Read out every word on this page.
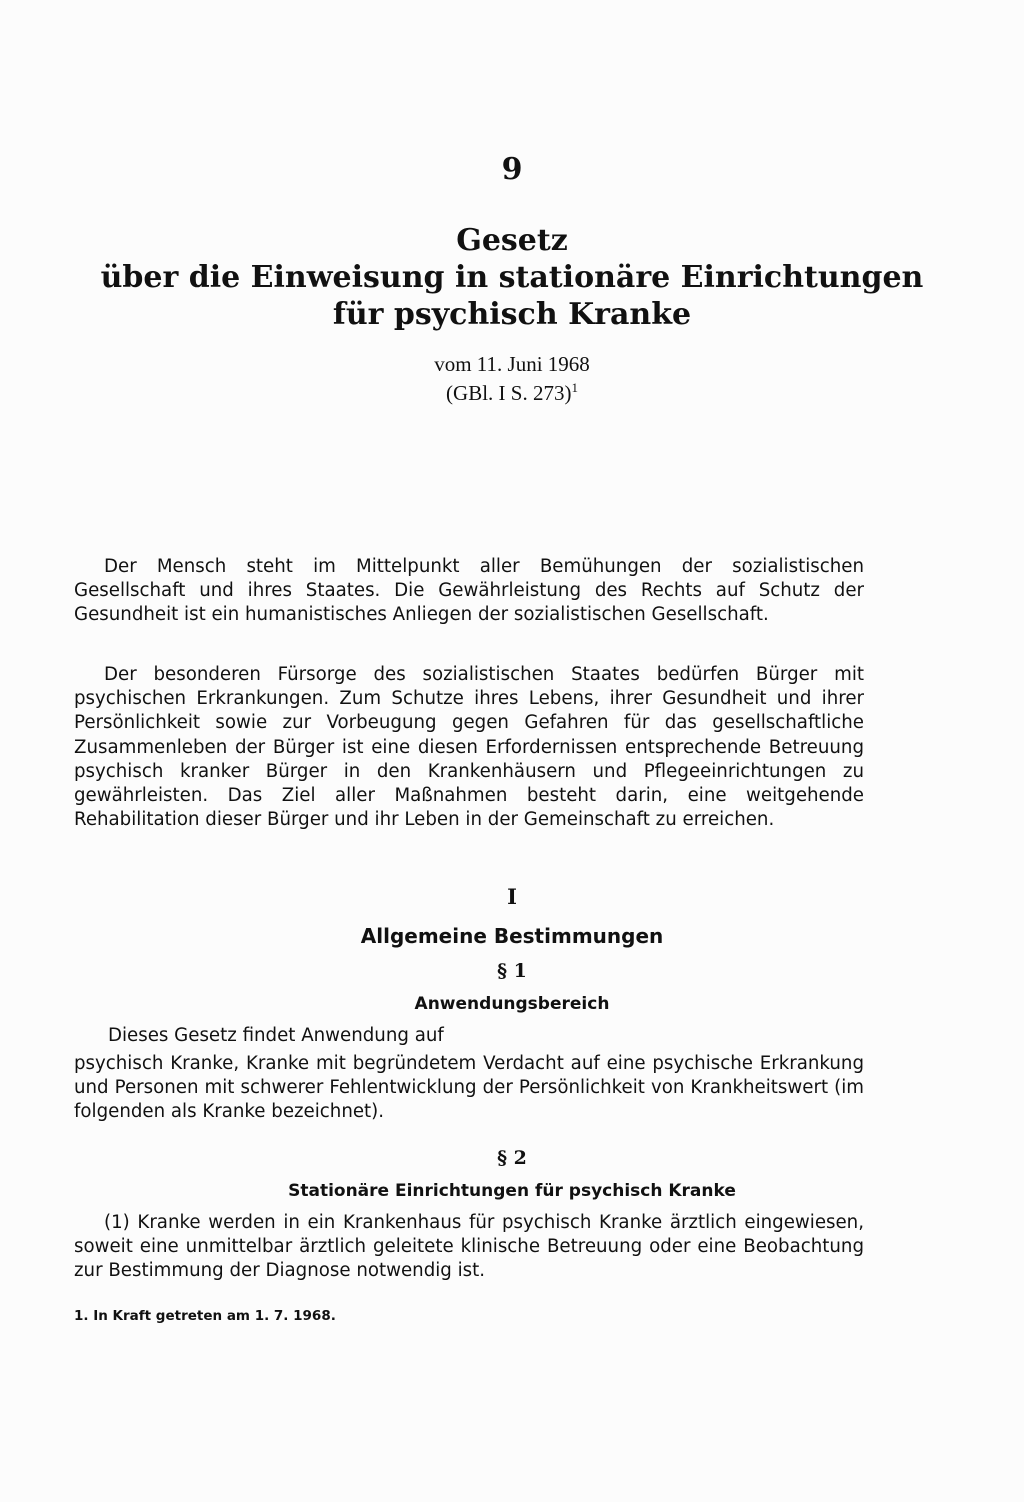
9
Gesetz
über die Einweisung in stationäre Einrichtungen
für psychisch Kranke
vom 11. Juni 1968
(GBl. I S. 273)$^1$

Der Mensch steht im Mittelpunkt aller Bemühungen der sozialistischen Gesellschaft und ihres Staates. Die Gewährleistung des Rechts auf Schutz der Gesundheit ist ein humanistisches Anliegen der sozialistischen Gesellschaft.

Der besonderen Fürsorge des sozialistischen Staates bedürfen Bürger mit psychischen Erkrankungen. Zum Schutze ihres Lebens, ihrer Gesundheit und ihrer Persönlichkeit sowie zur Vorbeugung gegen Gefahren für das gesellschaftliche Zusammenleben der Bürger ist eine diesen Erfordernissen entsprechende Betreuung psychisch kranker Bürger in den Krankenhäusern und Pflegeeinrichtungen zu gewährleisten. Das Ziel aller Maßnahmen besteht darin, eine weitgehende Rehabilitation dieser Bürger und ihr Leben in der Gemeinschaft zu erreichen.

I
Allgemeine Bestimmungen
§ 1
Anwendungsbereich
Dieses Gesetz findet Anwendung auf
psychisch Kranke, Kranke mit begründetem Verdacht auf eine psychische Erkrankung und Personen mit schwerer Fehlentwicklung der Persönlichkeit von Krankheitswert (im folgenden als Kranke bezeichnet).
§ 2
Stationäre Einrichtungen für psychisch Kranke

(1) Kranke werden in ein Krankenhaus für psychisch Kranke ärztlich eingewiesen, soweit eine unmittelbar ärztlich geleitete klinische Betreuung oder eine Beobachtung zur Bestimmung der Diagnose notwendig ist.

1. In Kraft getreten am 1. 7. 1968.
